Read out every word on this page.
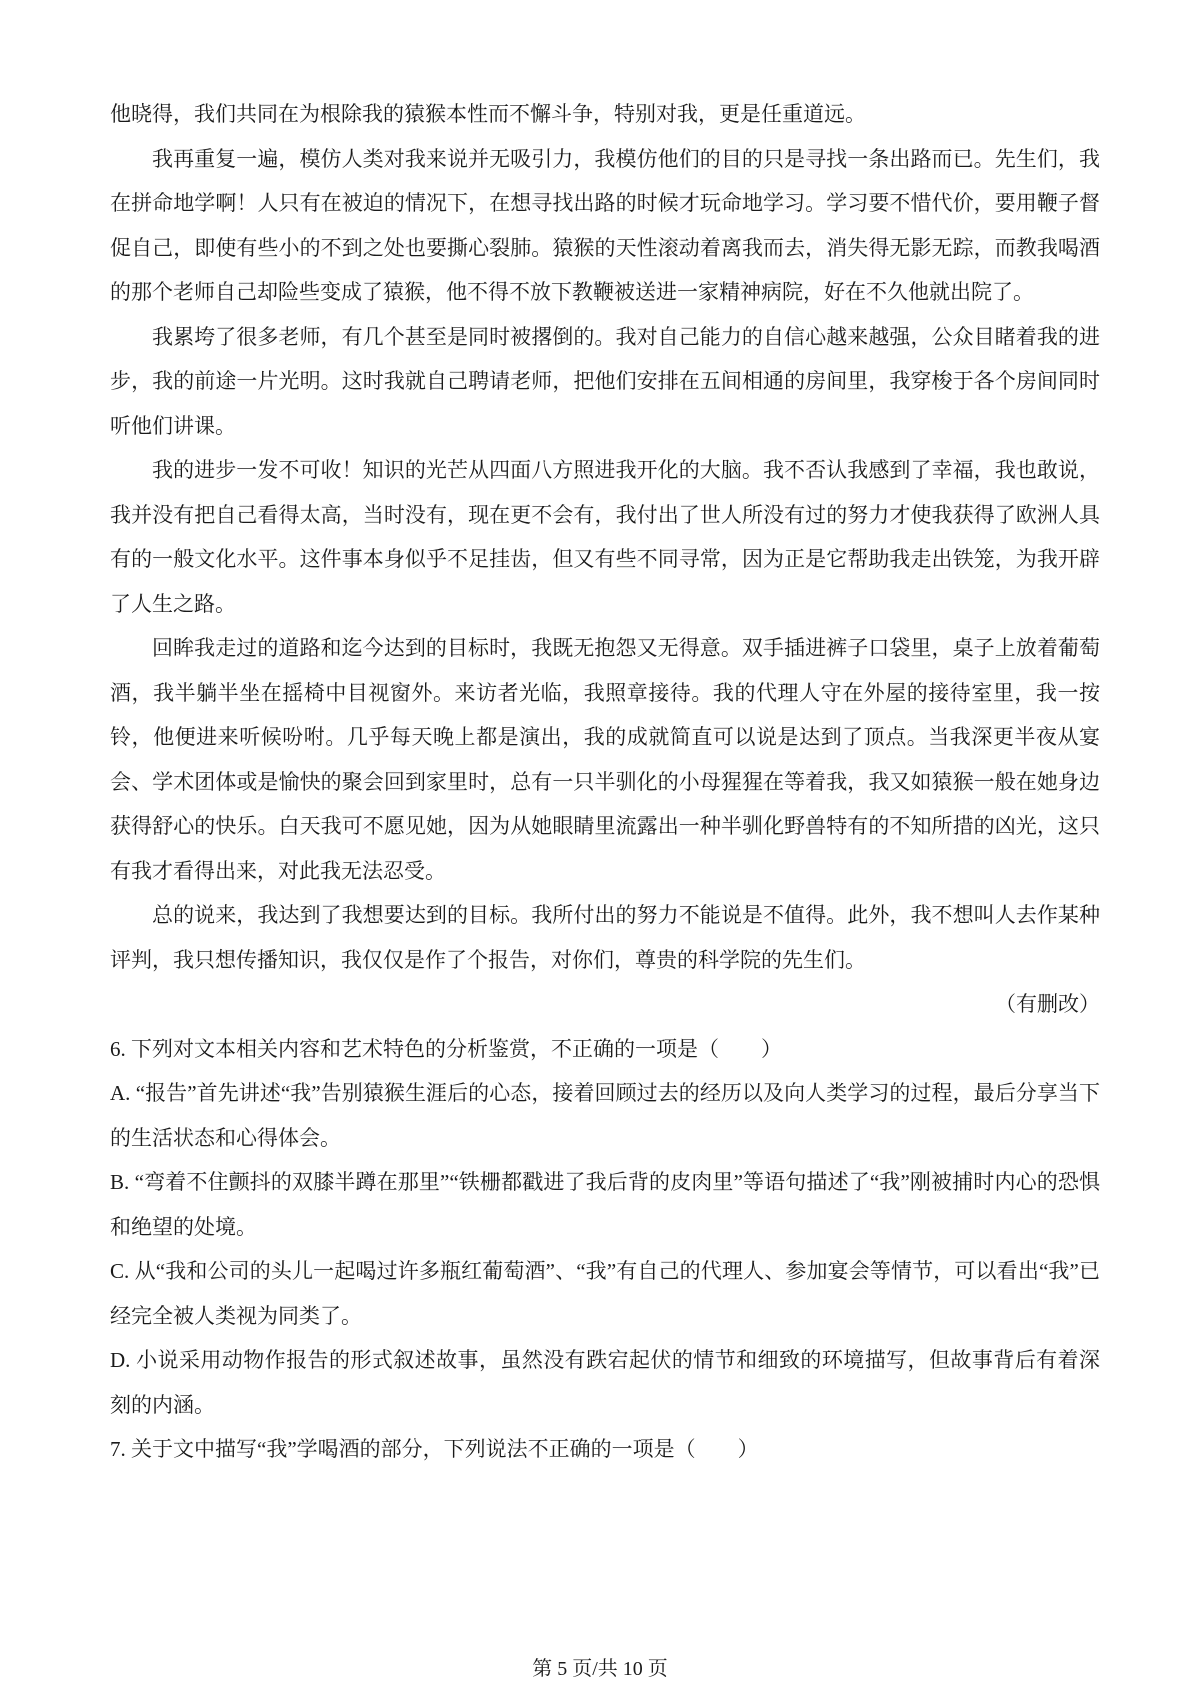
他晓得，我们共同在为根除我的猿猴本性而不懈斗争，特别对我，更是任重道远。

我再重复一遍，模仿人类对我来说并无吸引力，我模仿他们的目的只是寻找一条出路而已。先生们，我在拼命地学啊！人只有在被迫的情况下，在想寻找出路的时候才玩命地学习。学习要不惜代价，要用鞭子督促自己，即使有些小的不到之处也要撕心裂肺。猿猴的天性滚动着离我而去，消失得无影无踪，而教我喝酒的那个老师自己却险些变成了猿猴，他不得不放下教鞭被送进一家精神病院，好在不久他就出院了。

我累垮了很多老师，有几个甚至是同时被撂倒的。我对自己能力的自信心越来越强，公众目睹着我的进步，我的前途一片光明。这时我就自己聘请老师，把他们安排在五间相通的房间里，我穿梭于各个房间同时听他们讲课。

我的进步一发不可收！知识的光芒从四面八方照进我开化的大脑。我不否认我感到了幸福，我也敢说，我并没有把自己看得太高，当时没有，现在更不会有，我付出了世人所没有过的努力才使我获得了欧洲人具有的一般文化水平。这件事本身似乎不足挂齿，但又有些不同寻常，因为正是它帮助我走出铁笼，为我开辟了人生之路。

回眸我走过的道路和迄今达到的目标时，我既无抱怨又无得意。双手插进裤子口袋里，桌子上放着葡萄酒，我半躺半坐在摇椅中目视窗外。来访者光临，我照章接待。我的代理人守在外屋的接待室里，我一按铃，他便进来听候吩咐。几乎每天晚上都是演出，我的成就简直可以说是达到了顶点。当我深更半夜从宴会、学术团体或是愉快的聚会回到家里时，总有一只半驯化的小母猩猩在等着我，我又如猿猴一般在她身边获得舒心的快乐。白天我可不愿见她，因为从她眼睛里流露出一种半驯化野兽特有的不知所措的凶光，这只有我才看得出来，对此我无法忍受。

总的说来，我达到了我想要达到的目标。我所付出的努力不能说是不值得。此外，我不想叫人去作某种评判，我只想传播知识，我仅仅是作了个报告，对你们，尊贵的科学院的先生们。

（有删改）

6. 下列对文本相关内容和艺术特色的分析鉴赏，不正确的一项是（　　）

A. “报告”首先讲述“我”告别猿猴生涯后的心态，接着回顾过去的经历以及向人类学习的过程，最后分享当下的生活状态和心得体会。

B. “弯着不住颤抖的双膝半蹲在那里”“铁栅都戳进了我后背的皮肉里”等语句描述了“我”刚被捕时内心的恐惧和绝望的处境。

C. 从“我和公司的头儿一起喝过许多瓶红葡萄酒”、“我”有自己的代理人、参加宴会等情节，可以看出“我”已经完全被人类视为同类了。

D. 小说采用动物作报告的形式叙述故事，虽然没有跌宕起伏的情节和细致的环境描写，但故事背后有着深刻的内涵。

7. 关于文中描写“我”学喝酒的部分，下列说法不正确的一项是（　　）

第 5 页/共 10 页
